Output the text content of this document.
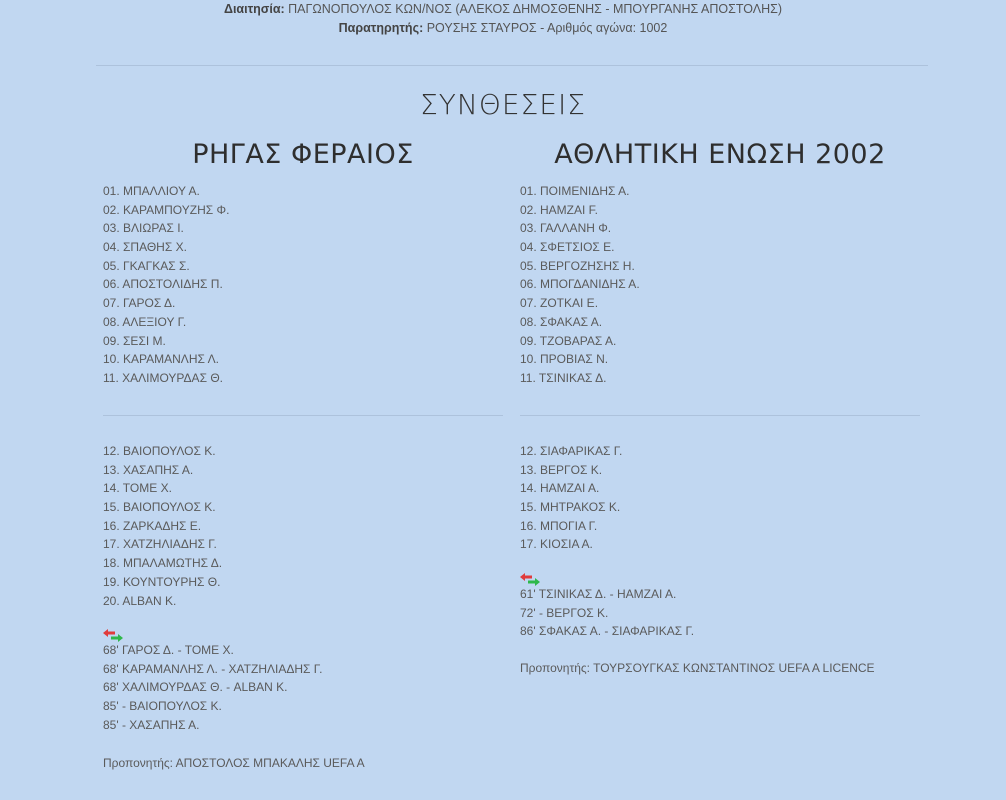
Διαιτησία: ΠΑΓΩΝΟΠΟΥΛΟΣ ΚΩΝ/ΝΟΣ (ΑΛΕΚΟΣ ΔΗΜΟΣΘΕΝΗΣ - ΜΠΟΥΡΓΑΝΗΣ ΑΠΟΣΤΟΛΗΣ)
Παρατηρητής: ΡΟΥΣΗΣ ΣΤΑΥΡΟΣ - Αριθμός αγώνα: 1002
ΣΥΝΘΕΣΕΙΣ
ΡΗΓΑΣ ΦΕΡΑΙΟΣ	ΑΘΛΗΤΙΚΗ ΕΝΩΣΗ 2002
01. ΜΠΑΛΛΙΟΥ Α.
02. ΚΑΡΑΜΠΟΥΖΗΣ Φ.
03. ΒΛΙΩΡΑΣ Ι.
04. ΣΠΑΘΗΣ Χ.
05. ΓΚΑΓΚΑΣ Σ.
06. ΑΠΟΣΤΟΛΙΔΗΣ Π.
07. ΓΑΡΟΣ Δ.
08. ΑΛΕΞΙΟΥ Γ.
09. ΣΕΣΙ Μ.
10. ΚΑΡΑΜΑΝΛΗΣ Λ.
11. ΧΑΛΙΜΟΥΡΔΑΣ Θ.
12. ΒΑΙΟΠΟΥΛΟΣ Κ.
13. ΧΑΣΑΠΗΣ Α.
14. ΤΟΜΕ Χ.
15. ΒΑΙΟΠΟΥΛΟΣ Κ.
16. ΖΑΡΚΑΔΗΣ Ε.
17. ΧΑΤΖΗΛΙΑΔΗΣ Γ.
18. ΜΠΑΛΑΜΩΤΗΣ Δ.
19. ΚΟΥΝΤΟΥΡΗΣ Θ.
20. ALBAN Κ.
68' ΓΑΡΟΣ Δ. - ΤΟΜΕ Χ.
68' ΚΑΡΑΜΑΝΛΗΣ Λ. - ΧΑΤΖΗΛΙΑΔΗΣ Γ.
68' ΧΑΛΙΜΟΥΡΔΑΣ Θ. - ALBAN Κ.
85' - ΒΑΙΟΠΟΥΛΟΣ Κ.
85' - ΧΑΣΑΠΗΣ Α.
Προπονητής: ΑΠΟΣΤΟΛΟΣ ΜΠΑΚΑΛΗΣ UEFA A
01. ΠΟΙΜΕΝΙΔΗΣ Α.
02. ΗΑΜΖΑΙ F.
03. ΓΑΛΛΑΝΗ Φ.
04. ΣΦΕΤΣΙΟΣ Ε.
05. ΒΕΡΓΟΖΗΣΗΣ Η.
06. ΜΠΟΓΔΑΝΙΔΗΣ Α.
07. ZOTKAI E.
08. ΣΦΑΚΑΣ Α.
09. ΤΖΟΒΑΡΑΣ Α.
10. ΠΡΟΒΙΑΣ Ν.
11. ΤΣΙΝΙΚΑΣ Δ.
12. ΣΙΑΦΑΡΙΚΑΣ Γ.
13. ΒΕΡΓΟΣ Κ.
14. ΗΑΜΖΑΙ Α.
15. ΜΗΤΡΑΚΟΣ Κ.
16. ΜΠΟΓΙΑ Γ.
17. ΚΙΟΣΙΑ Α.
61' ΤΣΙΝΙΚΑΣ Δ. - ΗΑΜΖΑΙ Α.
72' - ΒΕΡΓΟΣ Κ.
86' ΣΦΑΚΑΣ Α. - ΣΙΑΦΑΡΙΚΑΣ Γ.
Προπονητής: ΤΟΥΡΣΟΥΓΚΑΣ ΚΩΝΣΤΑΝΤΙΝΟΣ UEFA A LICENCE
